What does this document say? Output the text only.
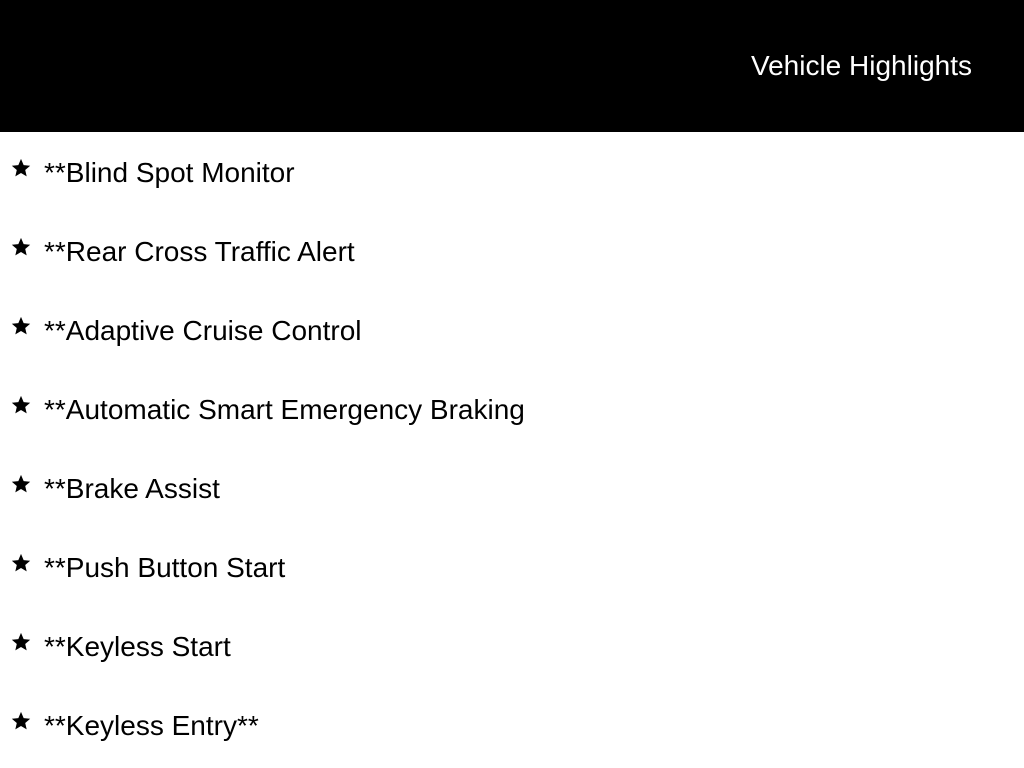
Vehicle Highlights
**Blind Spot Monitor
**Rear Cross Traffic Alert
**Adaptive Cruise Control
**Automatic Smart Emergency Braking
**Brake Assist
**Push Button Start
**Keyless Start
**Keyless Entry**
